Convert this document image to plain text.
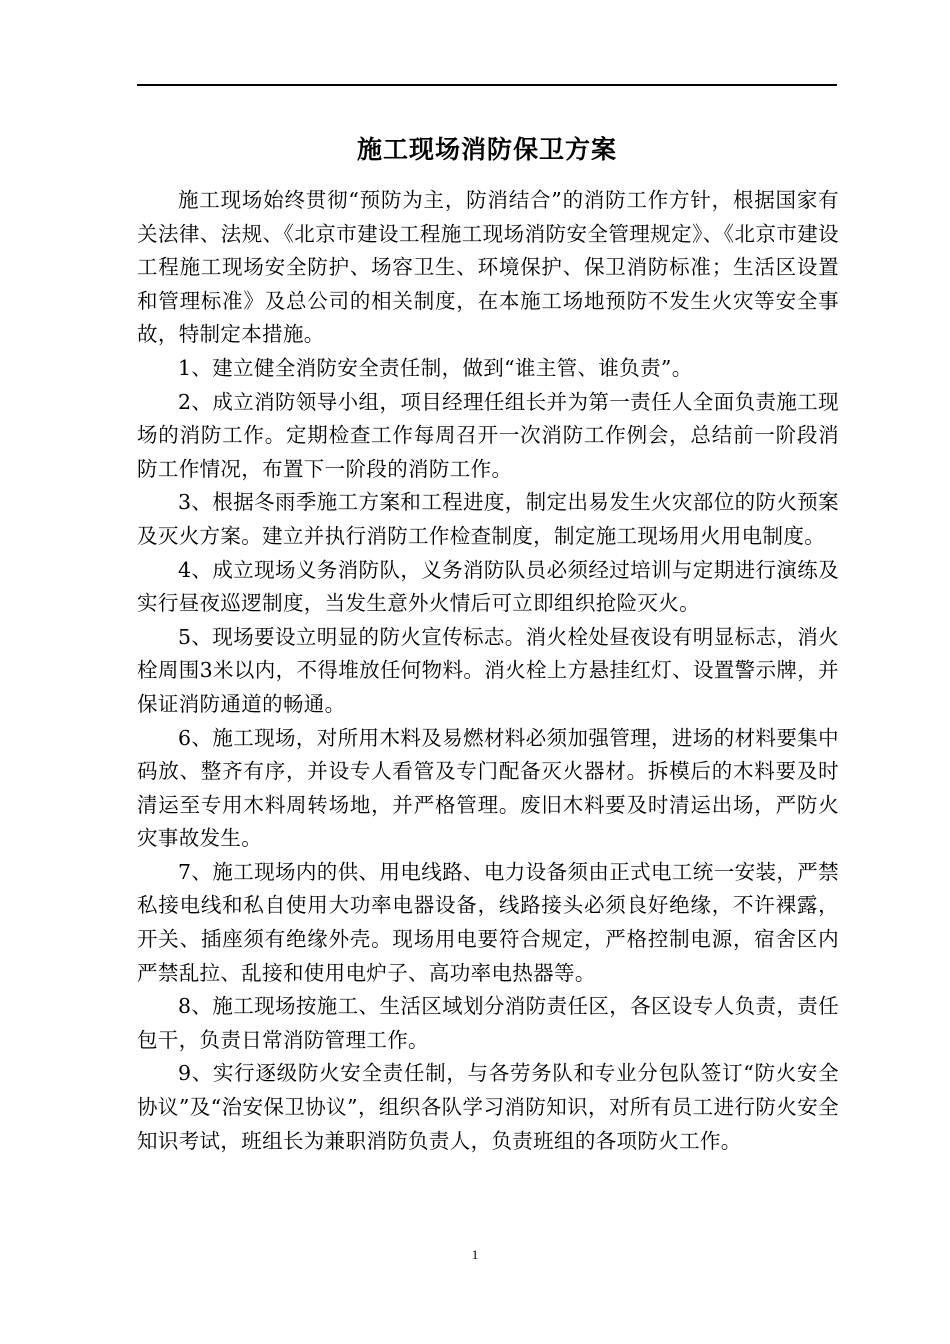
施工现场消防保卫方案

施工现场始终贯彻“预防为主，防消结合”的消防工作方针，根据国家有关法律、法规、《北京市建设工程施工现场消防安全管理规定》、《北京市建设工程施工现场安全防护、场容卫生、环境保护、保卫消防标准；生活区设置和管理标准》及总公司的相关制度，在本施工场地预防不发生火灾等安全事故，特制定本措施。

1、建立健全消防安全责任制，做到“谁主管、谁负责”。

2、成立消防领导小组，项目经理任组长并为第一责任人全面负责施工现场的消防工作。定期检查工作每周召开一次消防工作例会，总结前一阶段消防工作情况，布置下一阶段的消防工作。

3、根据冬雨季施工方案和工程进度，制定出易发生火灾部位的防火预案及灭火方案。建立并执行消防工作检查制度，制定施工现场用火用电制度。

4、成立现场义务消防队，义务消防队员必须经过培训与定期进行演练及实行昼夜巡逻制度，当发生意外火情后可立即组织抢险灭火。

5、现场要设立明显的防火宣传标志。消火栓处昼夜设有明显标志，消火栓周围3米以内，不得堆放任何物料。消火栓上方悬挂红灯、设置警示牌，并保证消防通道的畅通。

6、施工现场，对所用木料及易燃材料必须加强管理，进场的材料要集中码放、整齐有序，并设专人看管及专门配备灭火器材。拆模后的木料要及时清运至专用木料周转场地，并严格管理。废旧木料要及时清运出场，严防火灾事故发生。

7、施工现场内的供、用电线路、电力设备须由正式电工统一安装，严禁私接电线和私自使用大功率电器设备，线路接头必须良好绝缘，不许裸露，开关、插座须有绝缘外壳。现场用电要符合规定，严格控制电源，宿舍区内严禁乱拉、乱接和使用电炉子、高功率电热器等。

8、施工现场按施工、生活区域划分消防责任区，各区设专人负责，责任包干，负责日常消防管理工作。

9、实行逐级防火安全责任制，与各劳务队和专业分包队签订“防火安全协议”及“治安保卫协议”，组织各队学习消防知识，对所有员工进行防火安全知识考试，班组长为兼职消防负责人，负责班组的各项防火工作。

1
